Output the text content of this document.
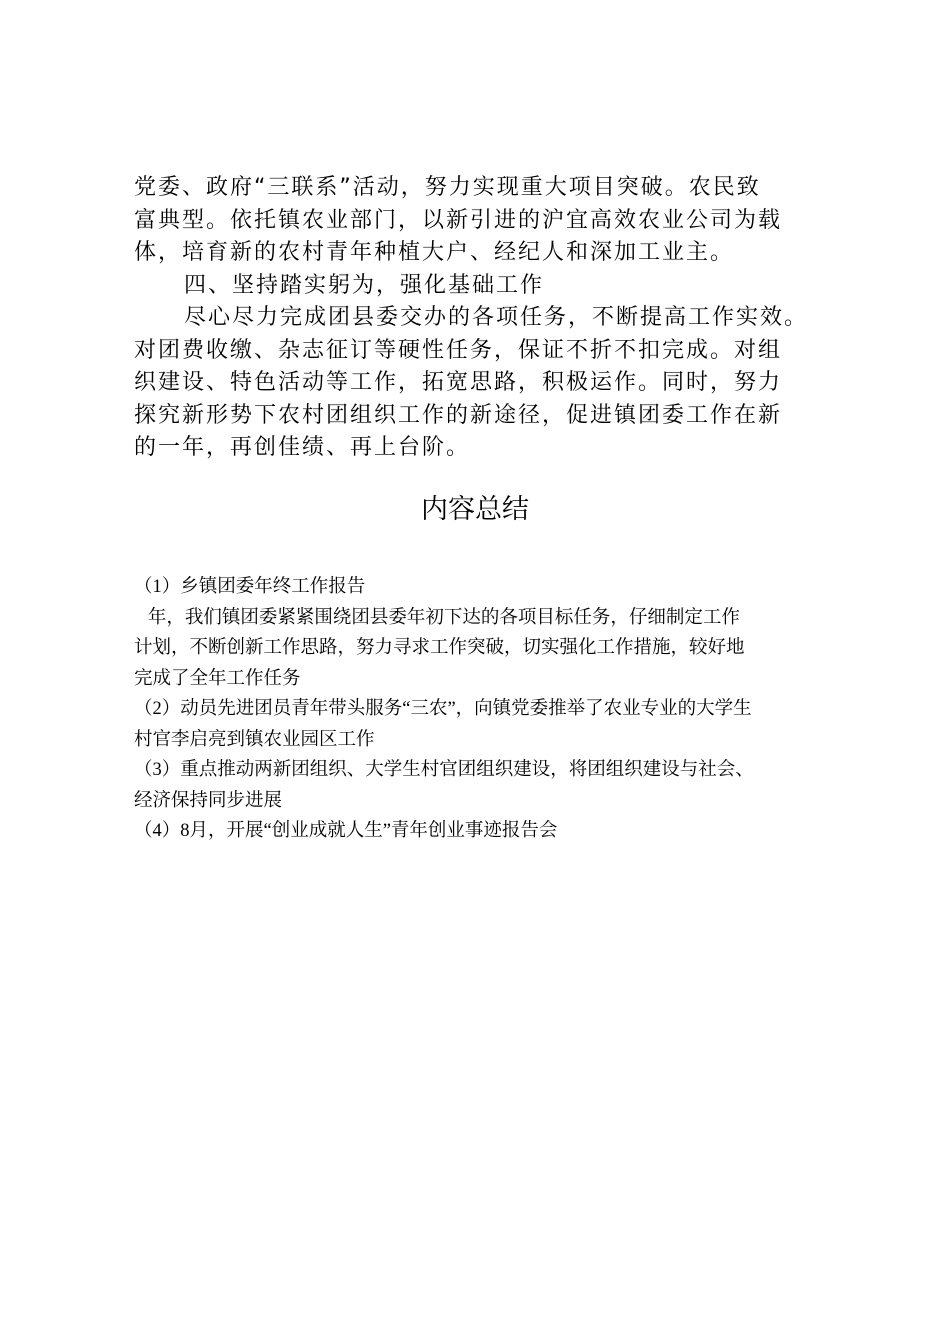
党委、政府“三联系”活动，努力实现重大项目突破。农民致

富典型。依托镇农业部门，以新引进的沪宜高效农业公司为载

体，培育新的农村青年种植大户、经纪人和深加工业主。

四、坚持踏实躬为，强化基础工作

尽心尽力完成团县委交办的各项任务，不断提高工作实效。

对团费收缴、杂志征订等硬性任务，保证不折不扣完成。对组

织建设、特色活动等工作，拓宽思路，积极运作。同时，努力

探究新形势下农村团组织工作的新途径，促进镇团委工作在新

的一年，再创佳绩、再上台阶。

内容总结

（1）乡镇团委年终工作报告

年，我们镇团委紧紧围绕团县委年初下达的各项目标任务，仔细制定工作

计划，不断创新工作思路，努力寻求工作突破，切实强化工作措施，较好地

完成了全年工作任务

（2）动员先进团员青年带头服务“三农”，向镇党委推举了农业专业的大学生

村官李启亮到镇农业园区工作

（3）重点推动两新团组织、大学生村官团组织建设，将团组织建设与社会、

经济保持同步进展

（4）8月，开展“创业成就人生”青年创业事迹报告会
